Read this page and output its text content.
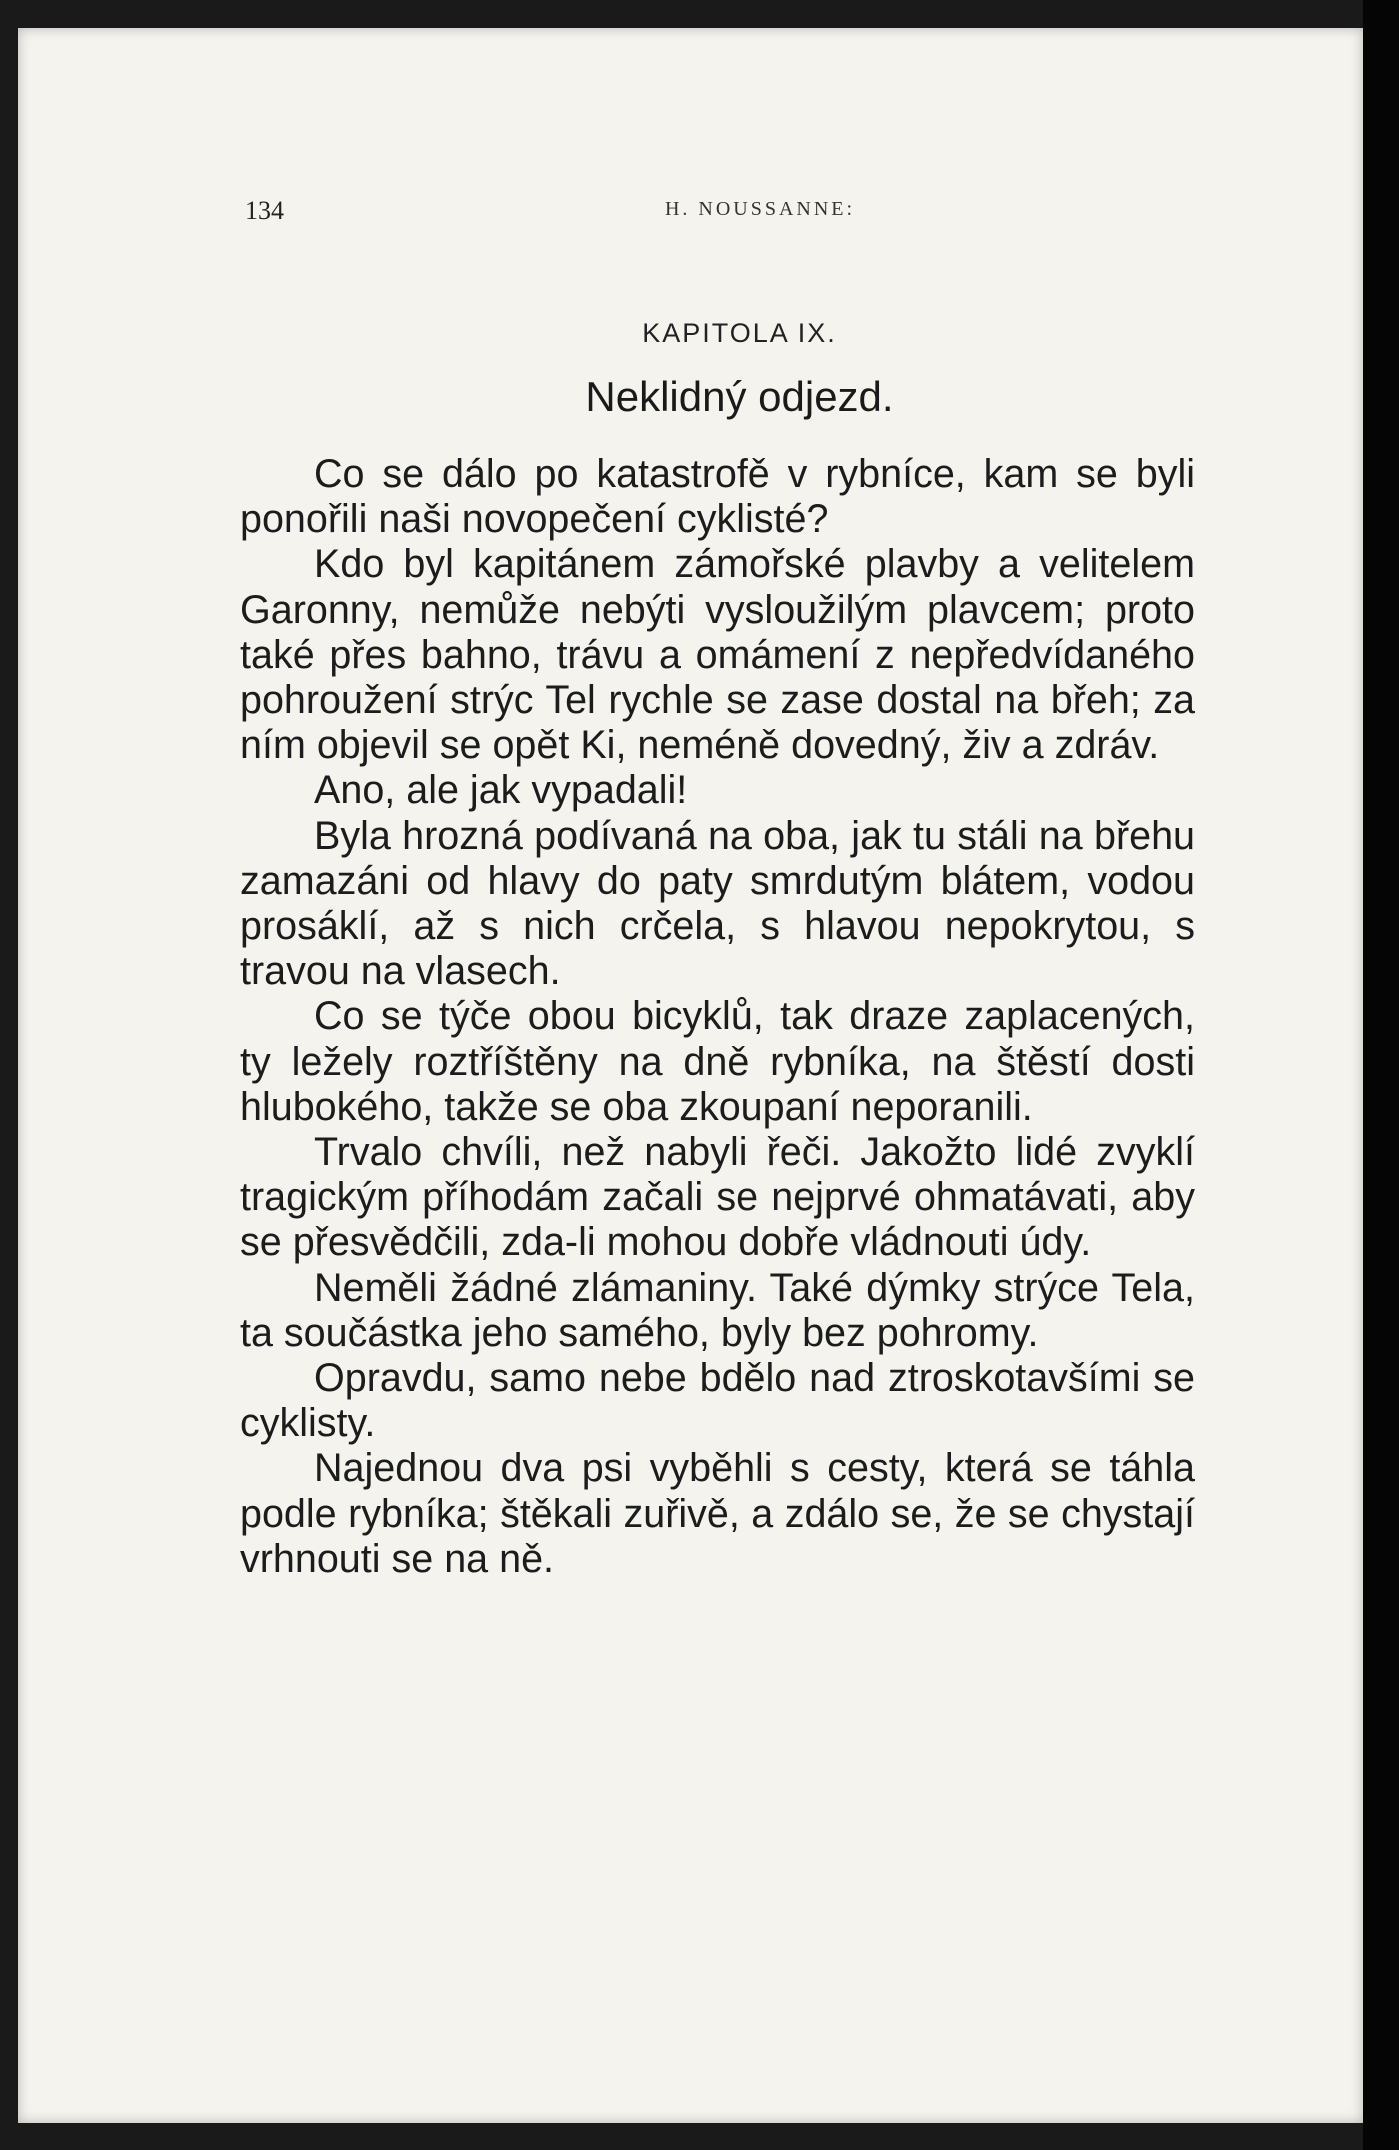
134	H. NOUSSANNE:
KAPITOLA IX.
Neklidný odjezd.

Co se dálo po katastrofě v rybníce, kam se byli ponořili naši novopečení cyklisté?

Kdo byl kapitánem zámořské plavby a velitelem Garonny, nemůže nebýti vysloužilým plavcem; proto také přes bahno, trávu a omámení z nepředvídaného pohroužení strýc Tel rychle se zase dostal na břeh; za ním objevil se opět Ki, neméně dovedný, živ a zdráv.

Ano, ale jak vypadali!

Byla hrozná podívaná na oba, jak tu stáli na břehu zamazáni od hlavy do paty smrdutým blátem, vodou prosáklí, až s nich crčela, s hlavou nepokrytou, s travou na vlasech.

Co se týče obou bicyklů, tak draze zaplacených, ty ležely roztříštěny na dně rybníka, na štěstí dosti hlubokého, takže se oba zkoupaní neporanili.

Trvalo chvíli, než nabyli řeči. Jakožto lidé zvyklí tragickým příhodám začali se nejprvé ohmatávati, aby se přesvědčili, zda-li mohou dobře vládnouti údy.

Neměli žádné zlámaniny. Také dýmky strýce Tela, ta součástka jeho samého, byly bez pohromy.

Opravdu, samo nebe bdělo nad ztroskotavšími se cyklisty.

Najednou dva psi vyběhli s cesty, která se táhla podle rybníka; štěkali zuřivě, a zdálo se, že se chystají vrhnouti se na ně.
